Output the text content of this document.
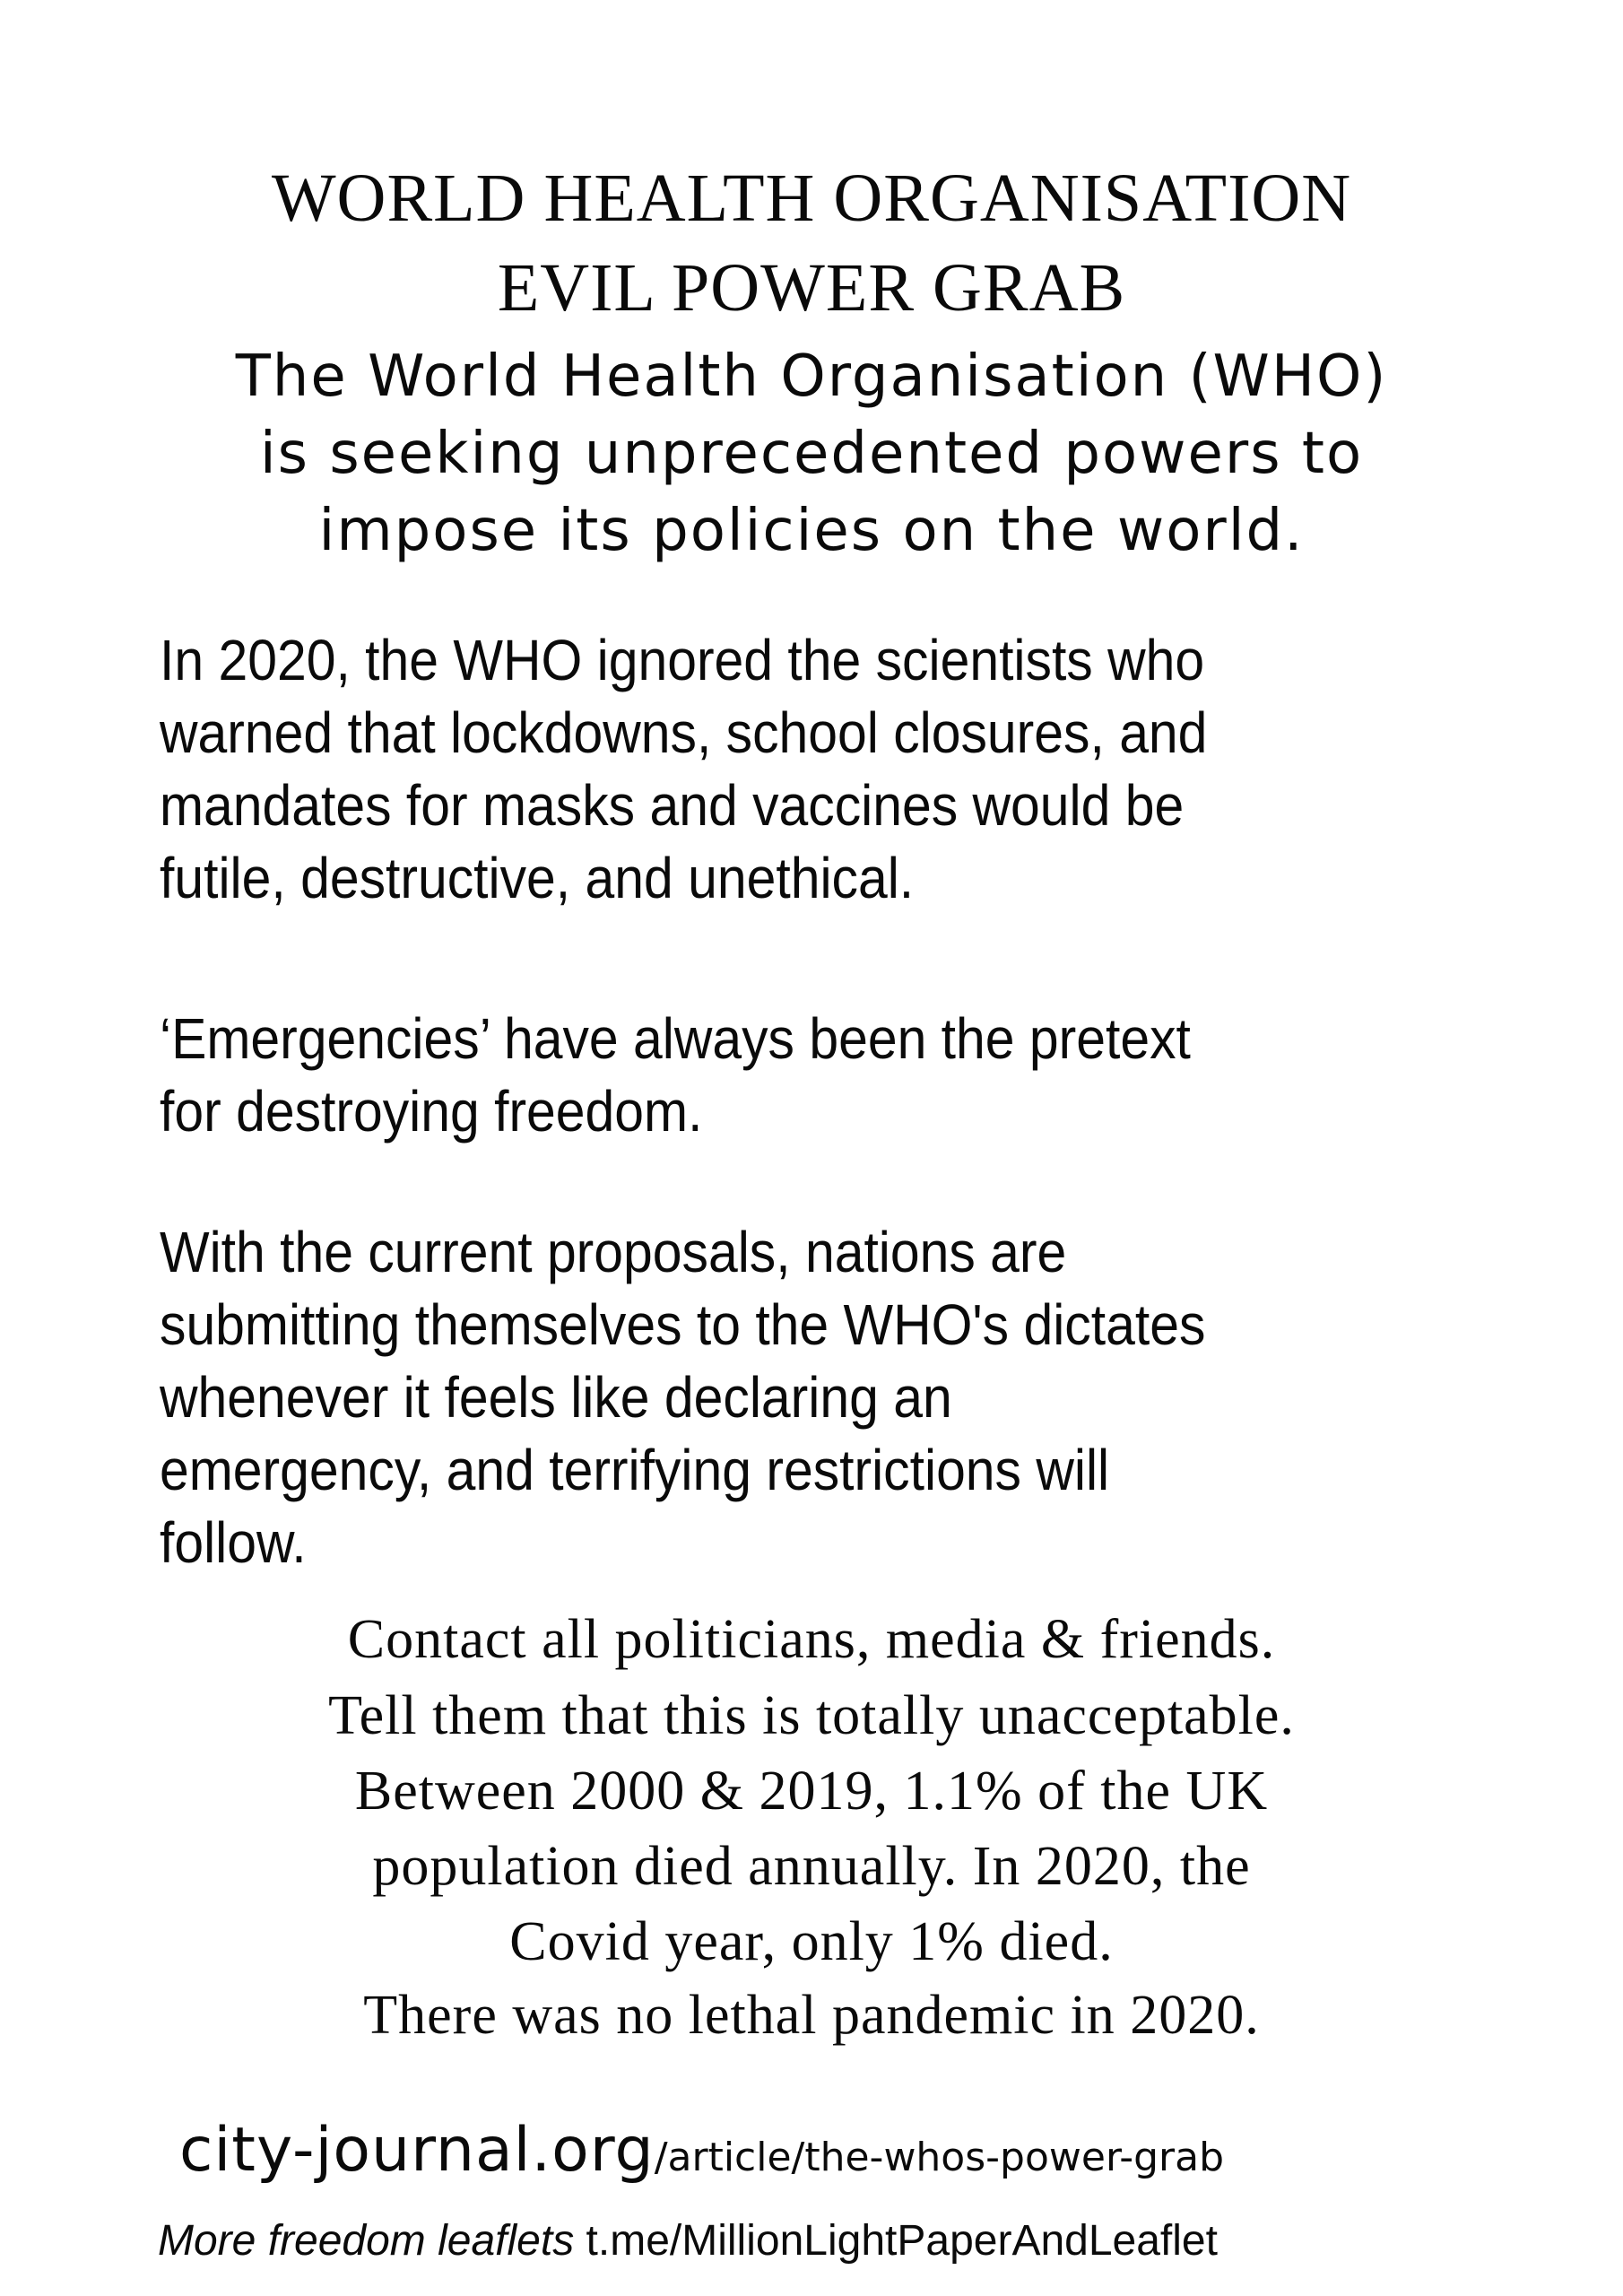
WORLD HEALTH ORGANISATION
EVIL POWER GRAB
The World Health Organisation (WHO)
is seeking unprecedented powers to
impose its policies on the world.
In 2020, the WHO ignored the scientists who
warned that lockdowns, school closures, and
mandates for masks and vaccines would be
futile, destructive, and unethical.
‘Emergencies’ have always been the pretext
for destroying freedom.
With the current proposals, nations are
submitting themselves to the WHO's dictates
whenever it feels like declaring an
emergency, and terrifying restrictions will
follow.
Contact all politicians, media & friends.
Tell them that this is totally unacceptable.
Between 2000 & 2019, 1.1% of the UK
population died annually. In 2020, the
Covid year, only 1% died.
There was no lethal pandemic in 2020.
city-journal.org/article/the-whos-power-grab
More freedom leaflets t.me/MillionLightPaperAndLeaflet
